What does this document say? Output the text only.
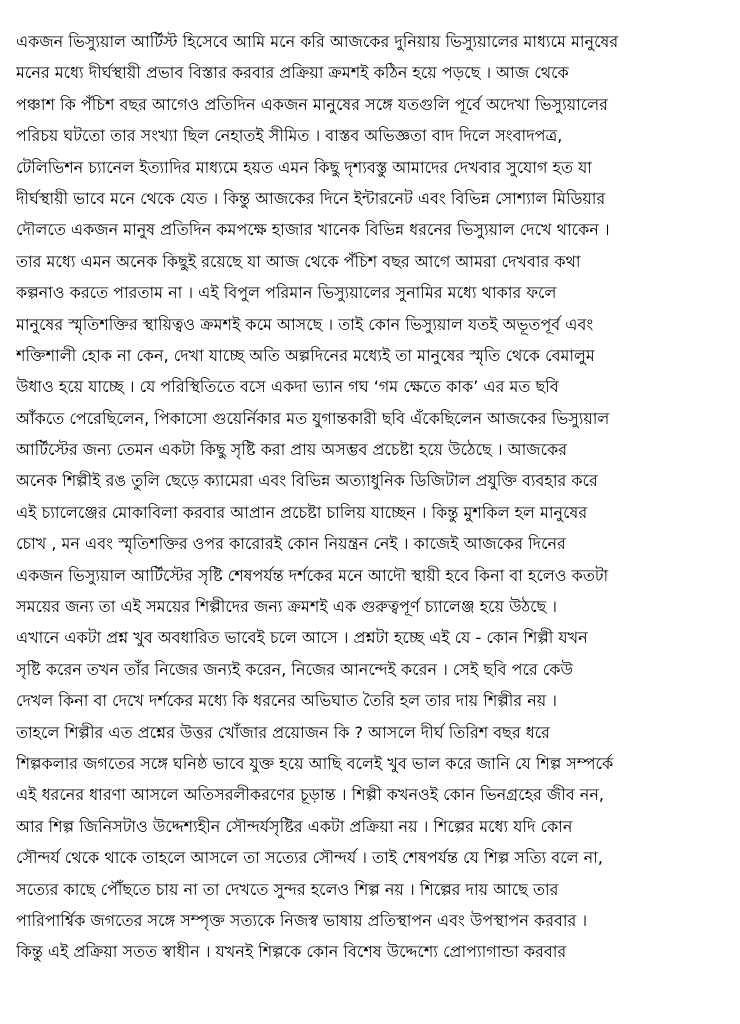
একজন ভিস্যুয়াল আর্টিস্ট হিসেবে আমি মনে করি আজকের দুনিয়ায় ভিস্যুয়ালের মাধ্যমে মানুষের
মনের মধ্যে দীর্ঘস্থায়ী প্রভাব বিস্তার করবার প্রক্রিয়া ক্রমশই কঠিন হয়ে পড়ছে । আজ থেকে
পঞ্চাশ কি পঁচিশ বছর আগেও প্রতিদিন একজন মানুষের সঙ্গে যতগুলি পূর্বে অদেখা ভিস্যুয়ালের
পরিচয় ঘটতো তার সংখ্যা ছিল নেহাতই সীমিত । বাস্তব অভিজ্ঞতা বাদ দিলে সংবাদপত্র,
টেলিভিশন চ্যানেল ইত্যাদির মাধ্যমে হয়ত এমন কিছু দৃশ্যবস্তু আমাদের দেখবার সুযোগ হত যা
দীর্ঘস্থায়ী ভাবে মনে থেকে যেত । কিন্তু আজকের দিনে ইন্টারনেট এবং বিভিন্ন সোশ্যাল মিডিয়ার
দৌলতে একজন মানুষ প্রতিদিন কমপক্ষে হাজার খানেক বিভিন্ন ধরনের ভিস্যুয়াল দেখে থাকেন ।
তার মধ্যে এমন অনেক কিছুই রয়েছে যা আজ থেকে পঁচিশ বছর আগে আমরা দেখবার কথা
কল্পনাও করতে পারতাম না । এই বিপুল পরিমান ভিস্যুয়ালের সুনামির মধ্যে থাকার ফলে
মানুষের স্মৃতিশক্তির স্থায়িত্বও ক্রমশই কমে আসছে । তাই কোন ভিস্যুয়াল যতই অভূতপূর্ব এবং
শক্তিশালী হোক না কেন, দেখা যাচ্ছে অতি অল্পদিনের মধ্যেই তা মানুষের স্মৃতি থেকে বেমালুম
উধাও হয়ে যাচ্ছে । যে পরিস্থিতিতে বসে একদা ভ্যান গঘ ‘গম ক্ষেতে কাক’ এর মত ছবি
আঁকতে পেরেছিলেন, পিকাসো গুয়ের্নিকার মত যুগান্তকারী ছবি এঁকেছিলেন আজকের ভিস্যুয়াল
আর্টিস্টের জন্য তেমন একটা কিছু সৃষ্টি করা প্রায় অসম্ভব প্রচেষ্টা হয়ে উঠেছে । আজকের
অনেক শিল্পীই রঙ তুলি ছেড়ে ক্যামেরা এবং বিভিন্ন অত্যাধুনিক ডিজিটাল প্রযুক্তি ব্যবহার করে
এই চ্যালেঞ্জের মোকাবিলা করবার আপ্রান প্রচেষ্টা চালিয় যাচ্ছেন । কিন্তু মুশকিল হল মানুষের
চোখ , মন এবং স্মৃতিশক্তির ওপর কারোরই কোন নিয়ন্ত্রন নেই । কাজেই আজকের দিনের
একজন ভিস্যুয়াল আর্টিস্টের সৃষ্টি শেষপর্যন্ত দর্শকের মনে আদৌ স্থায়ী হবে কিনা বা হলেও কতটা
সময়ের জন্য তা এই সময়ের শিল্পীদের জন্য ক্রমশই এক গুরুত্বপূর্ণ চ্যালেঞ্জ হয়ে উঠছে ।
এখানে একটা প্রশ্ন খুব অবধারিত ভাবেই চলে আসে । প্রশ্নটা হচ্ছে এই যে - কোন শিল্পী যখন
সৃষ্টি করেন তখন তাঁর নিজের জন্যই করেন, নিজের আনন্দেই করেন । সেই ছবি পরে কেউ
দেখল কিনা বা দেখে দর্শকের মধ্যে কি ধরনের অভিঘাত তৈরি হল তার দায় শিল্পীর নয় ।
তাহলে শিল্পীর এত প্রশ্নের উত্তর খোঁজার প্রয়োজন কি ? আসলে দীর্ঘ তিরিশ বছর ধরে
শিল্পকলার জগতের সঙ্গে ঘনিষ্ঠ ভাবে যুক্ত হয়ে আছি বলেই খুব ভাল করে জানি যে শিল্প সম্পর্কে
এই ধরনের ধারণা আসলে অতিসরলীকরণের চূড়ান্ত । শিল্পী কখনওই কোন ভিনগ্রহের জীব নন,
আর শিল্প জিনিসটাও উদ্দেশ্যহীন সৌন্দর্যসৃষ্টির একটা প্রক্রিয়া নয় । শিল্পের মধ্যে যদি কোন
সৌন্দর্য থেকে থাকে তাহলে আসলে তা সত্যের সৌন্দর্য । তাই শেষপর্যন্ত যে শিল্প সত্যি বলে না,
সত্যের কাছে পৌঁছতে চায় না তা দেখতে সুন্দর হলেও শিল্প নয় । শিল্পের দায় আছে তার
পারিপার্শ্বিক জগতের সঙ্গে সম্পৃক্ত সত্যকে নিজস্ব ভাষায় প্রতিস্থাপন এবং উপস্থাপন করবার ।
কিন্তু এই প্রক্রিয়া সতত স্বাধীন । যখনই শিল্পকে কোন বিশেষ উদ্দেশ্যে প্রোপ্যাগান্ডা করবার
